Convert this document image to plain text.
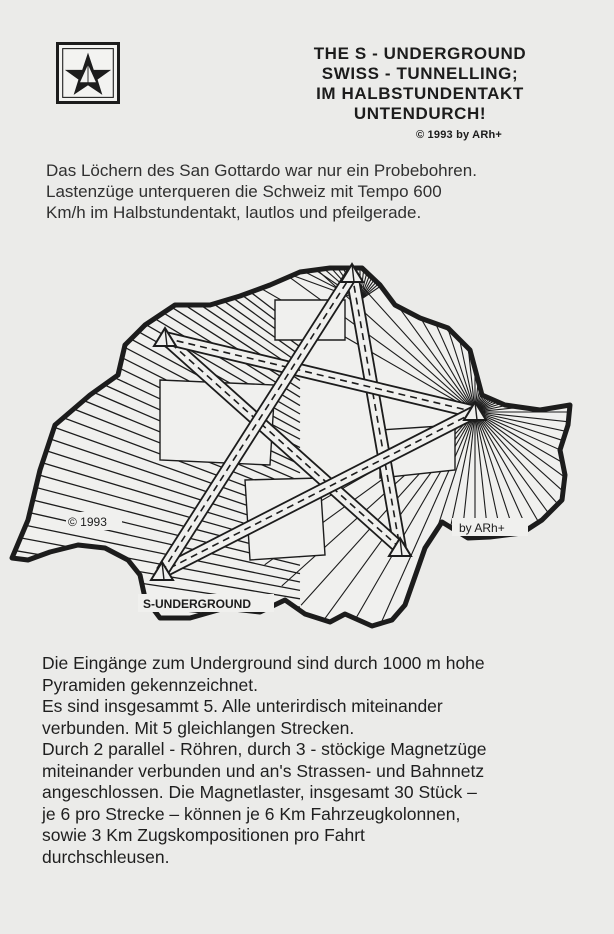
THE S - UNDERGROUND
SWISS - TUNNELLING;
IM HALBSTUNDENTAKT
UNTENDURCH!
© 1993 by ARh+
Das Löchern des San Gottardo war nur ein Probebohren.
Lastenzüge unterqueren die Schweiz mit Tempo 600
Km/h im Halbstundentakt, lautlos und pfeilgerade.
© 1993	by ARh+
S-UNDERGROUND
Die Eingänge zum Underground sind durch 1000 m hohe
Pyramiden gekennzeichnet.
Es sind insgesammt 5. Alle unterirdisch miteinander
verbunden. Mit 5 gleichlangen Strecken.
Durch 2 parallel - Röhren, durch 3 - stöckige Magnetzüge
miteinander verbunden und an's Strassen- und Bahnnetz
angeschlossen. Die Magnetlaster, insgesamt 30 Stück –
je 6 pro Strecke – können je 6 Km Fahrzeugkolonnen,
sowie 3 Km Zugskompositionen pro Fahrt
durchschleusen.
